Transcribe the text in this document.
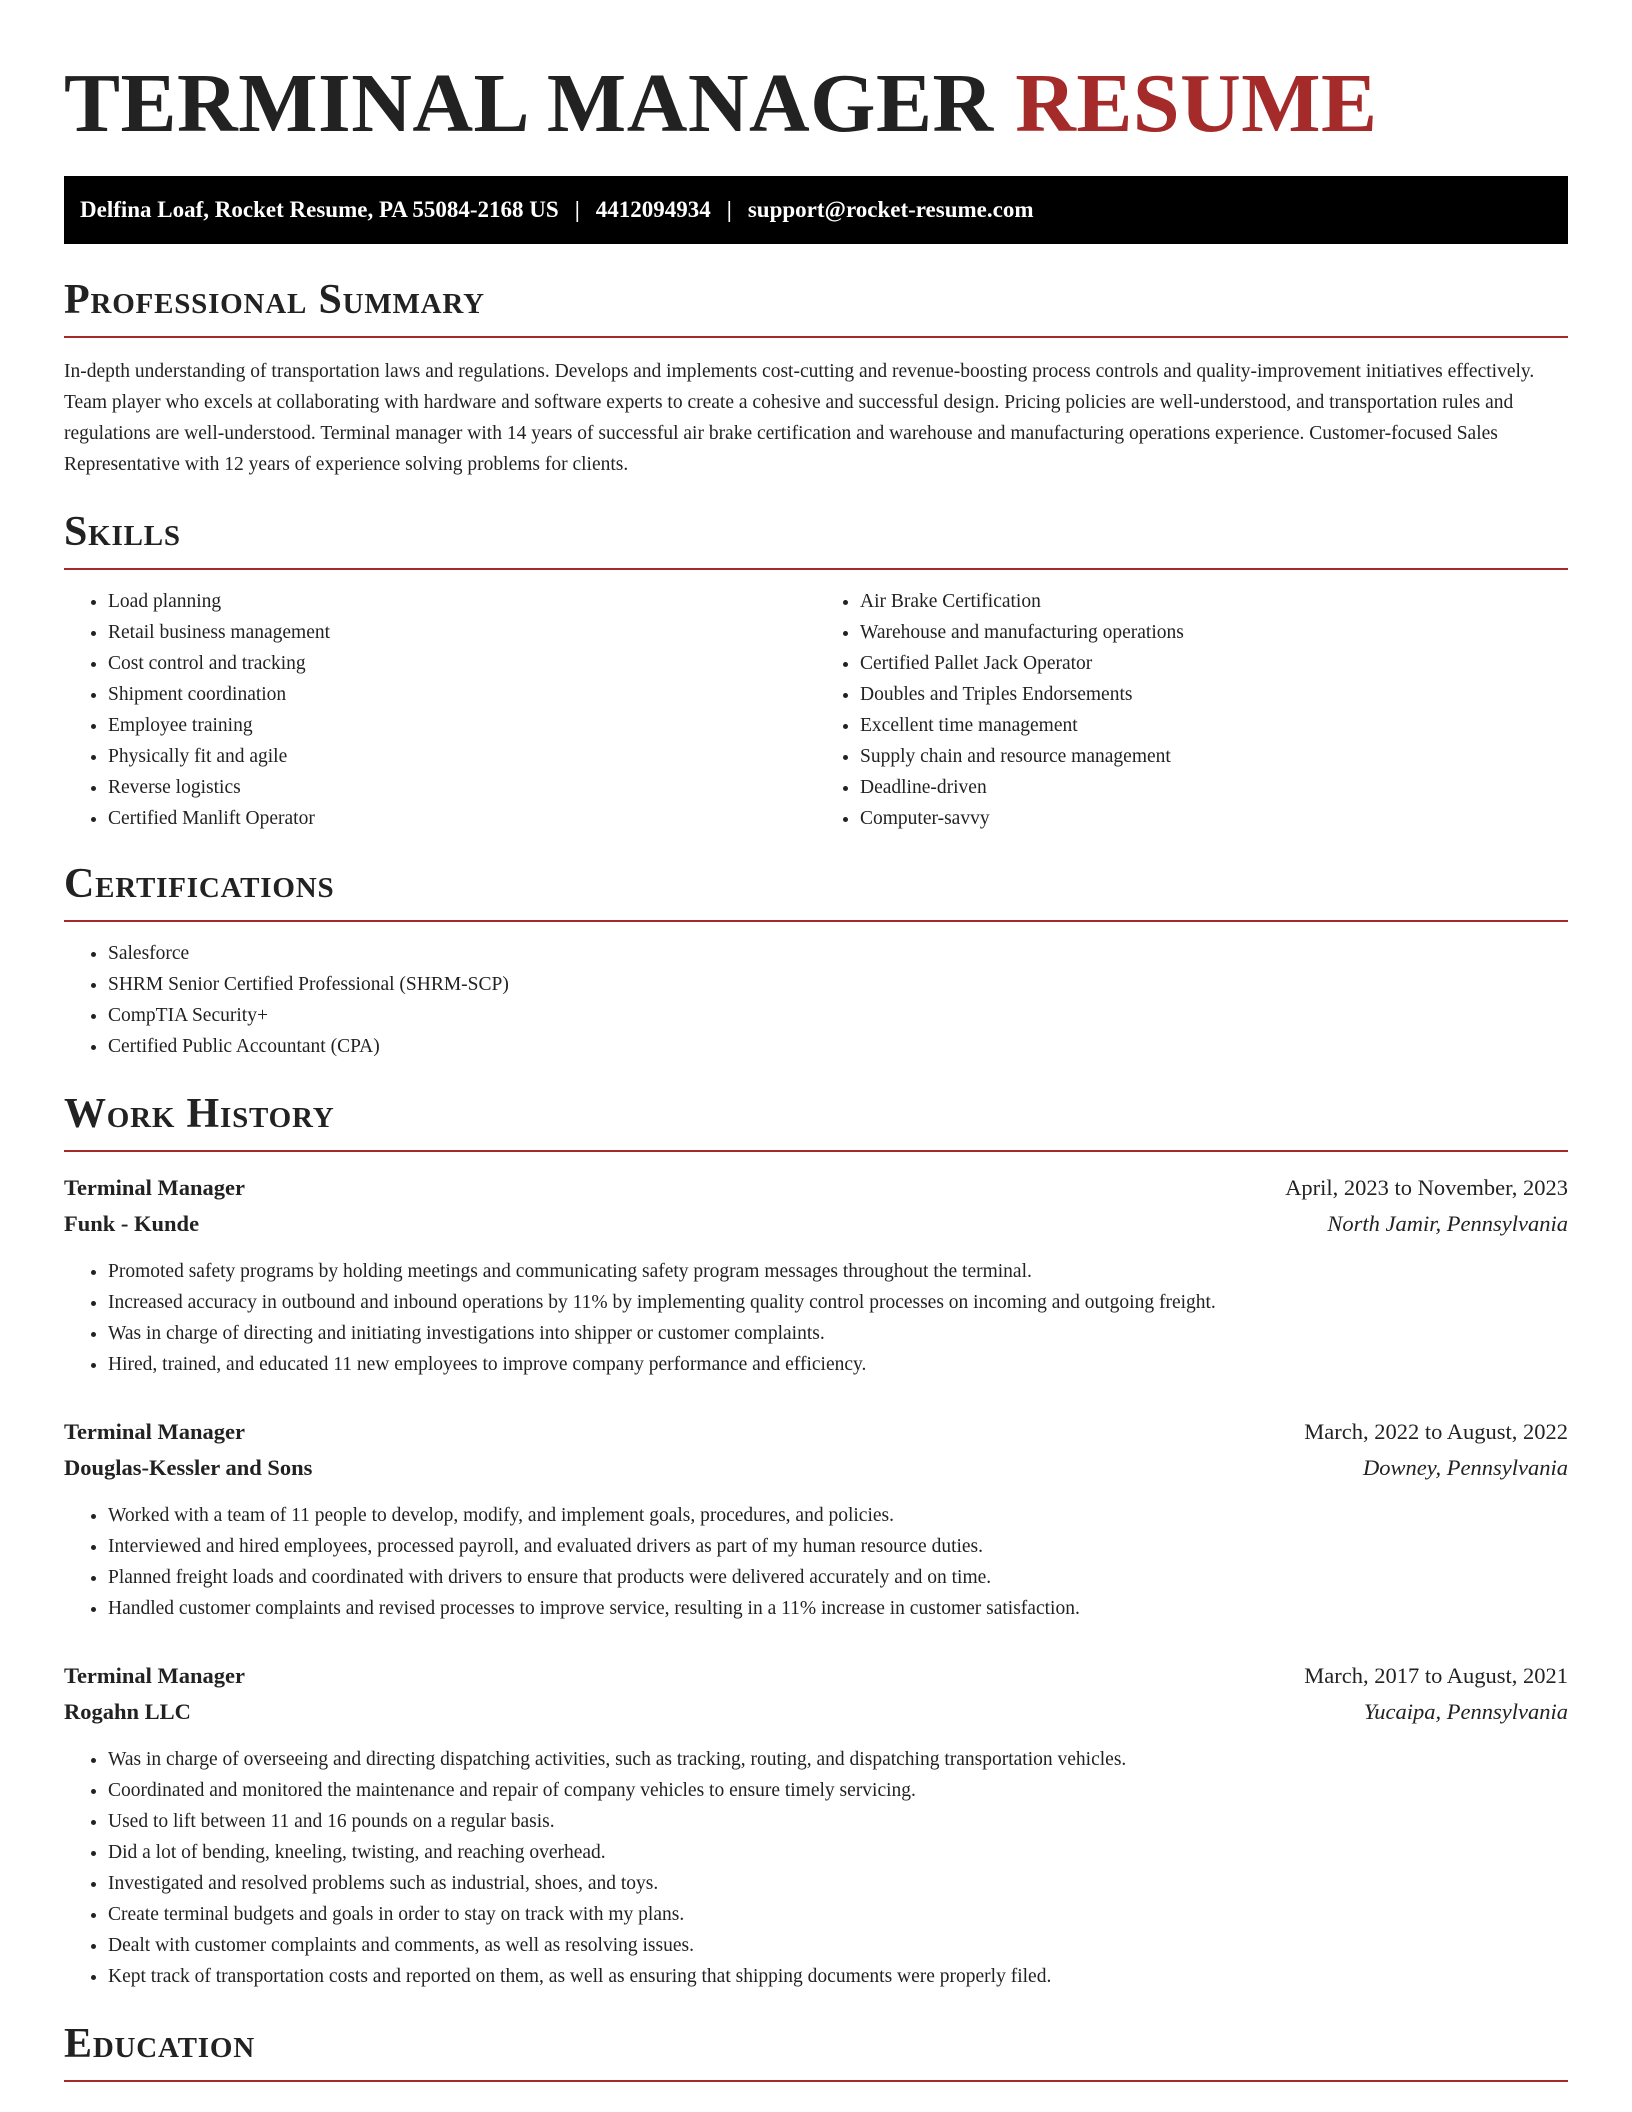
TERMINAL MANAGER RESUME
Delfina Loaf, Rocket Resume, PA 55084-2168 US | 4412094934 | support@rocket-resume.com
Professional Summary

In-depth understanding of transportation laws and regulations. Develops and implements cost-cutting and revenue-boosting process controls and quality-improvement initiatives effectively. Team player who excels at collaborating with hardware and software experts to create a cohesive and successful design. Pricing policies are well-understood, and transportation rules and regulations are well-understood. Terminal manager with 14 years of successful air brake certification and warehouse and manufacturing operations experience. Customer-focused Sales Representative with 12 years of experience solving problems for clients.

Skills
• Load planning
• Retail business management
• Cost control and tracking
• Shipment coordination
• Employee training
• Physically fit and agile
• Reverse logistics
• Certified Manlift Operator
• Air Brake Certification
• Warehouse and manufacturing operations
• Certified Pallet Jack Operator
• Doubles and Triples Endorsements
• Excellent time management
• Supply chain and resource management
• Deadline-driven
• Computer-savvy
Certifications
• Salesforce
• SHRM Senior Certified Professional (SHRM-SCP)
• CompTIA Security+
• Certified Public Accountant (CPA)
Work History
Terminal Manager	April, 2023 to November, 2023
Funk - Kunde	North Jamir, Pennsylvania
• Promoted safety programs by holding meetings and communicating safety program messages throughout the terminal.
• Increased accuracy in outbound and inbound operations by 11% by implementing quality control processes on incoming and outgoing freight.
• Was in charge of directing and initiating investigations into shipper or customer complaints.
• Hired, trained, and educated 11 new employees to improve company performance and efficiency.
Terminal Manager	March, 2022 to August, 2022
Douglas-Kessler and Sons	Downey, Pennsylvania
• Worked with a team of 11 people to develop, modify, and implement goals, procedures, and policies.
• Interviewed and hired employees, processed payroll, and evaluated drivers as part of my human resource duties.
• Planned freight loads and coordinated with drivers to ensure that products were delivered accurately and on time.
• Handled customer complaints and revised processes to improve service, resulting in a 11% increase in customer satisfaction.
Terminal Manager	March, 2017 to August, 2021
Rogahn LLC	Yucaipa, Pennsylvania
• Was in charge of overseeing and directing dispatching activities, such as tracking, routing, and dispatching transportation vehicles.
• Coordinated and monitored the maintenance and repair of company vehicles to ensure timely servicing.
• Used to lift between 11 and 16 pounds on a regular basis.
• Did a lot of bending, kneeling, twisting, and reaching overhead.
• Investigated and resolved problems such as industrial, shoes, and toys.
• Create terminal budgets and goals in order to stay on track with my plans.
• Dealt with customer complaints and comments, as well as resolving issues.
• Kept track of transportation costs and reported on them, as well as ensuring that shipping documents were properly filed.
Education
